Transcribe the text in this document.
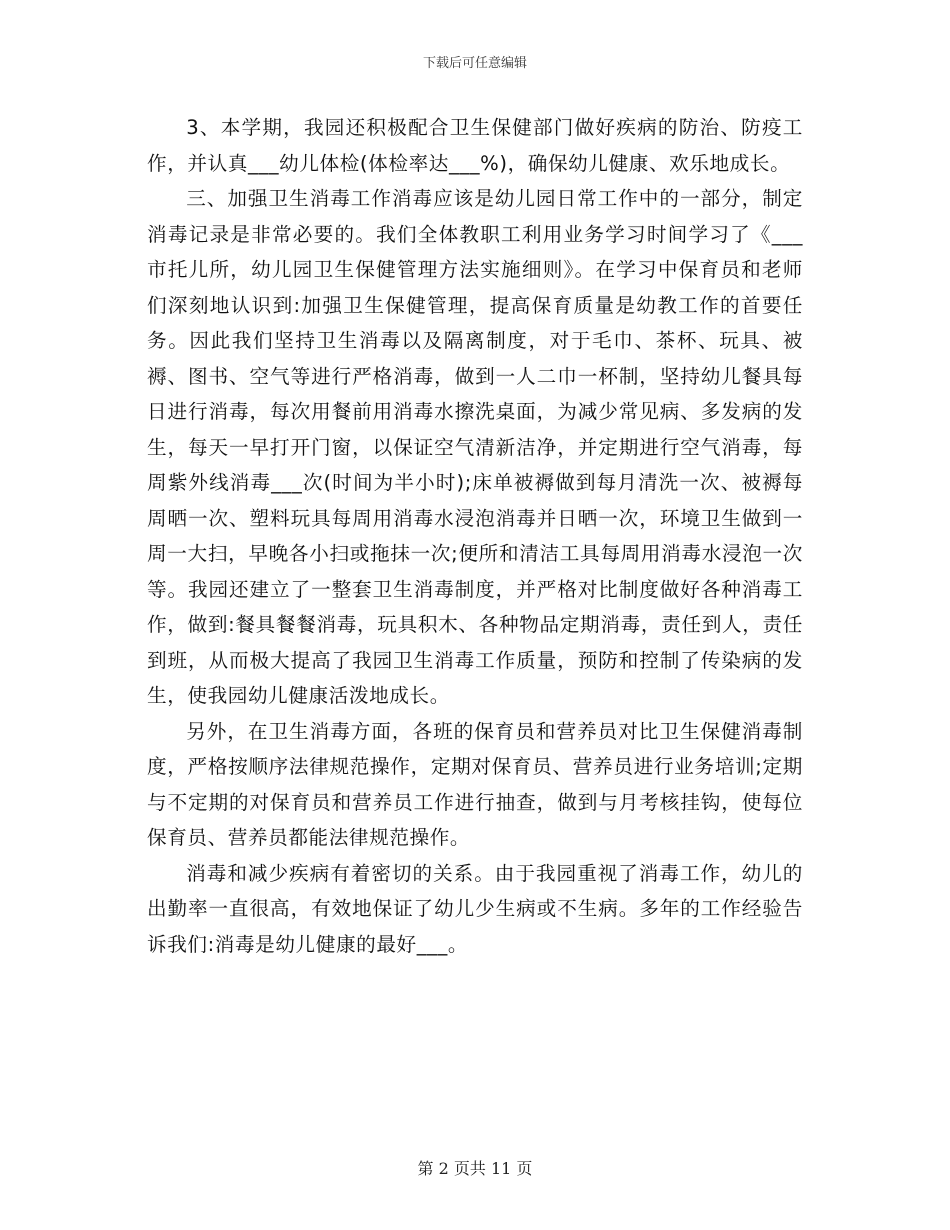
下载后可任意编辑

3、本学期，我园还积极配合卫生保健部门做好疾病的防治、防疫工作，并认真___幼儿体检(体检率达___%)，确保幼儿健康、欢乐地成长。

三、加强卫生消毒工作消毒应该是幼儿园日常工作中的一部分，制定消毒记录是非常必要的。我们全体教职工利用业务学习时间学习了《___市托儿所，幼儿园卫生保健管理方法实施细则》。在学习中保育员和老师们深刻地认识到:加强卫生保健管理，提高保育质量是幼教工作的首要任务。因此我们坚持卫生消毒以及隔离制度，对于毛巾、茶杯、玩具、被褥、图书、空气等进行严格消毒，做到一人二巾一杯制，坚持幼儿餐具每日进行消毒，每次用餐前用消毒水擦洗桌面，为减少常见病、多发病的发生，每天一早打开门窗，以保证空气清新洁净，并定期进行空气消毒，每周紫外线消毒___次(时间为半小时);床单被褥做到每月清洗一次、被褥每周晒一次、塑料玩具每周用消毒水浸泡消毒并日晒一次，环境卫生做到一周一大扫，早晚各小扫或拖抹一次;便所和清洁工具每周用消毒水浸泡一次等。我园还建立了一整套卫生消毒制度，并严格对比制度做好各种消毒工作，做到:餐具餐餐消毒，玩具积木、各种物品定期消毒，责任到人，责任到班，从而极大提高了我园卫生消毒工作质量，预防和控制了传染病的发生，使我园幼儿健康活泼地成长。

另外，在卫生消毒方面，各班的保育员和营养员对比卫生保健消毒制度，严格按顺序法律规范操作，定期对保育员、营养员进行业务培训;定期与不定期的对保育员和营养员工作进行抽查，做到与月考核挂钩，使每位保育员、营养员都能法律规范操作。

消毒和减少疾病有着密切的关系。由于我园重视了消毒工作，幼儿的出勤率一直很高，有效地保证了幼儿少生病或不生病。多年的工作经验告诉我们:消毒是幼儿健康的最好___。

第 2 页共 11 页
